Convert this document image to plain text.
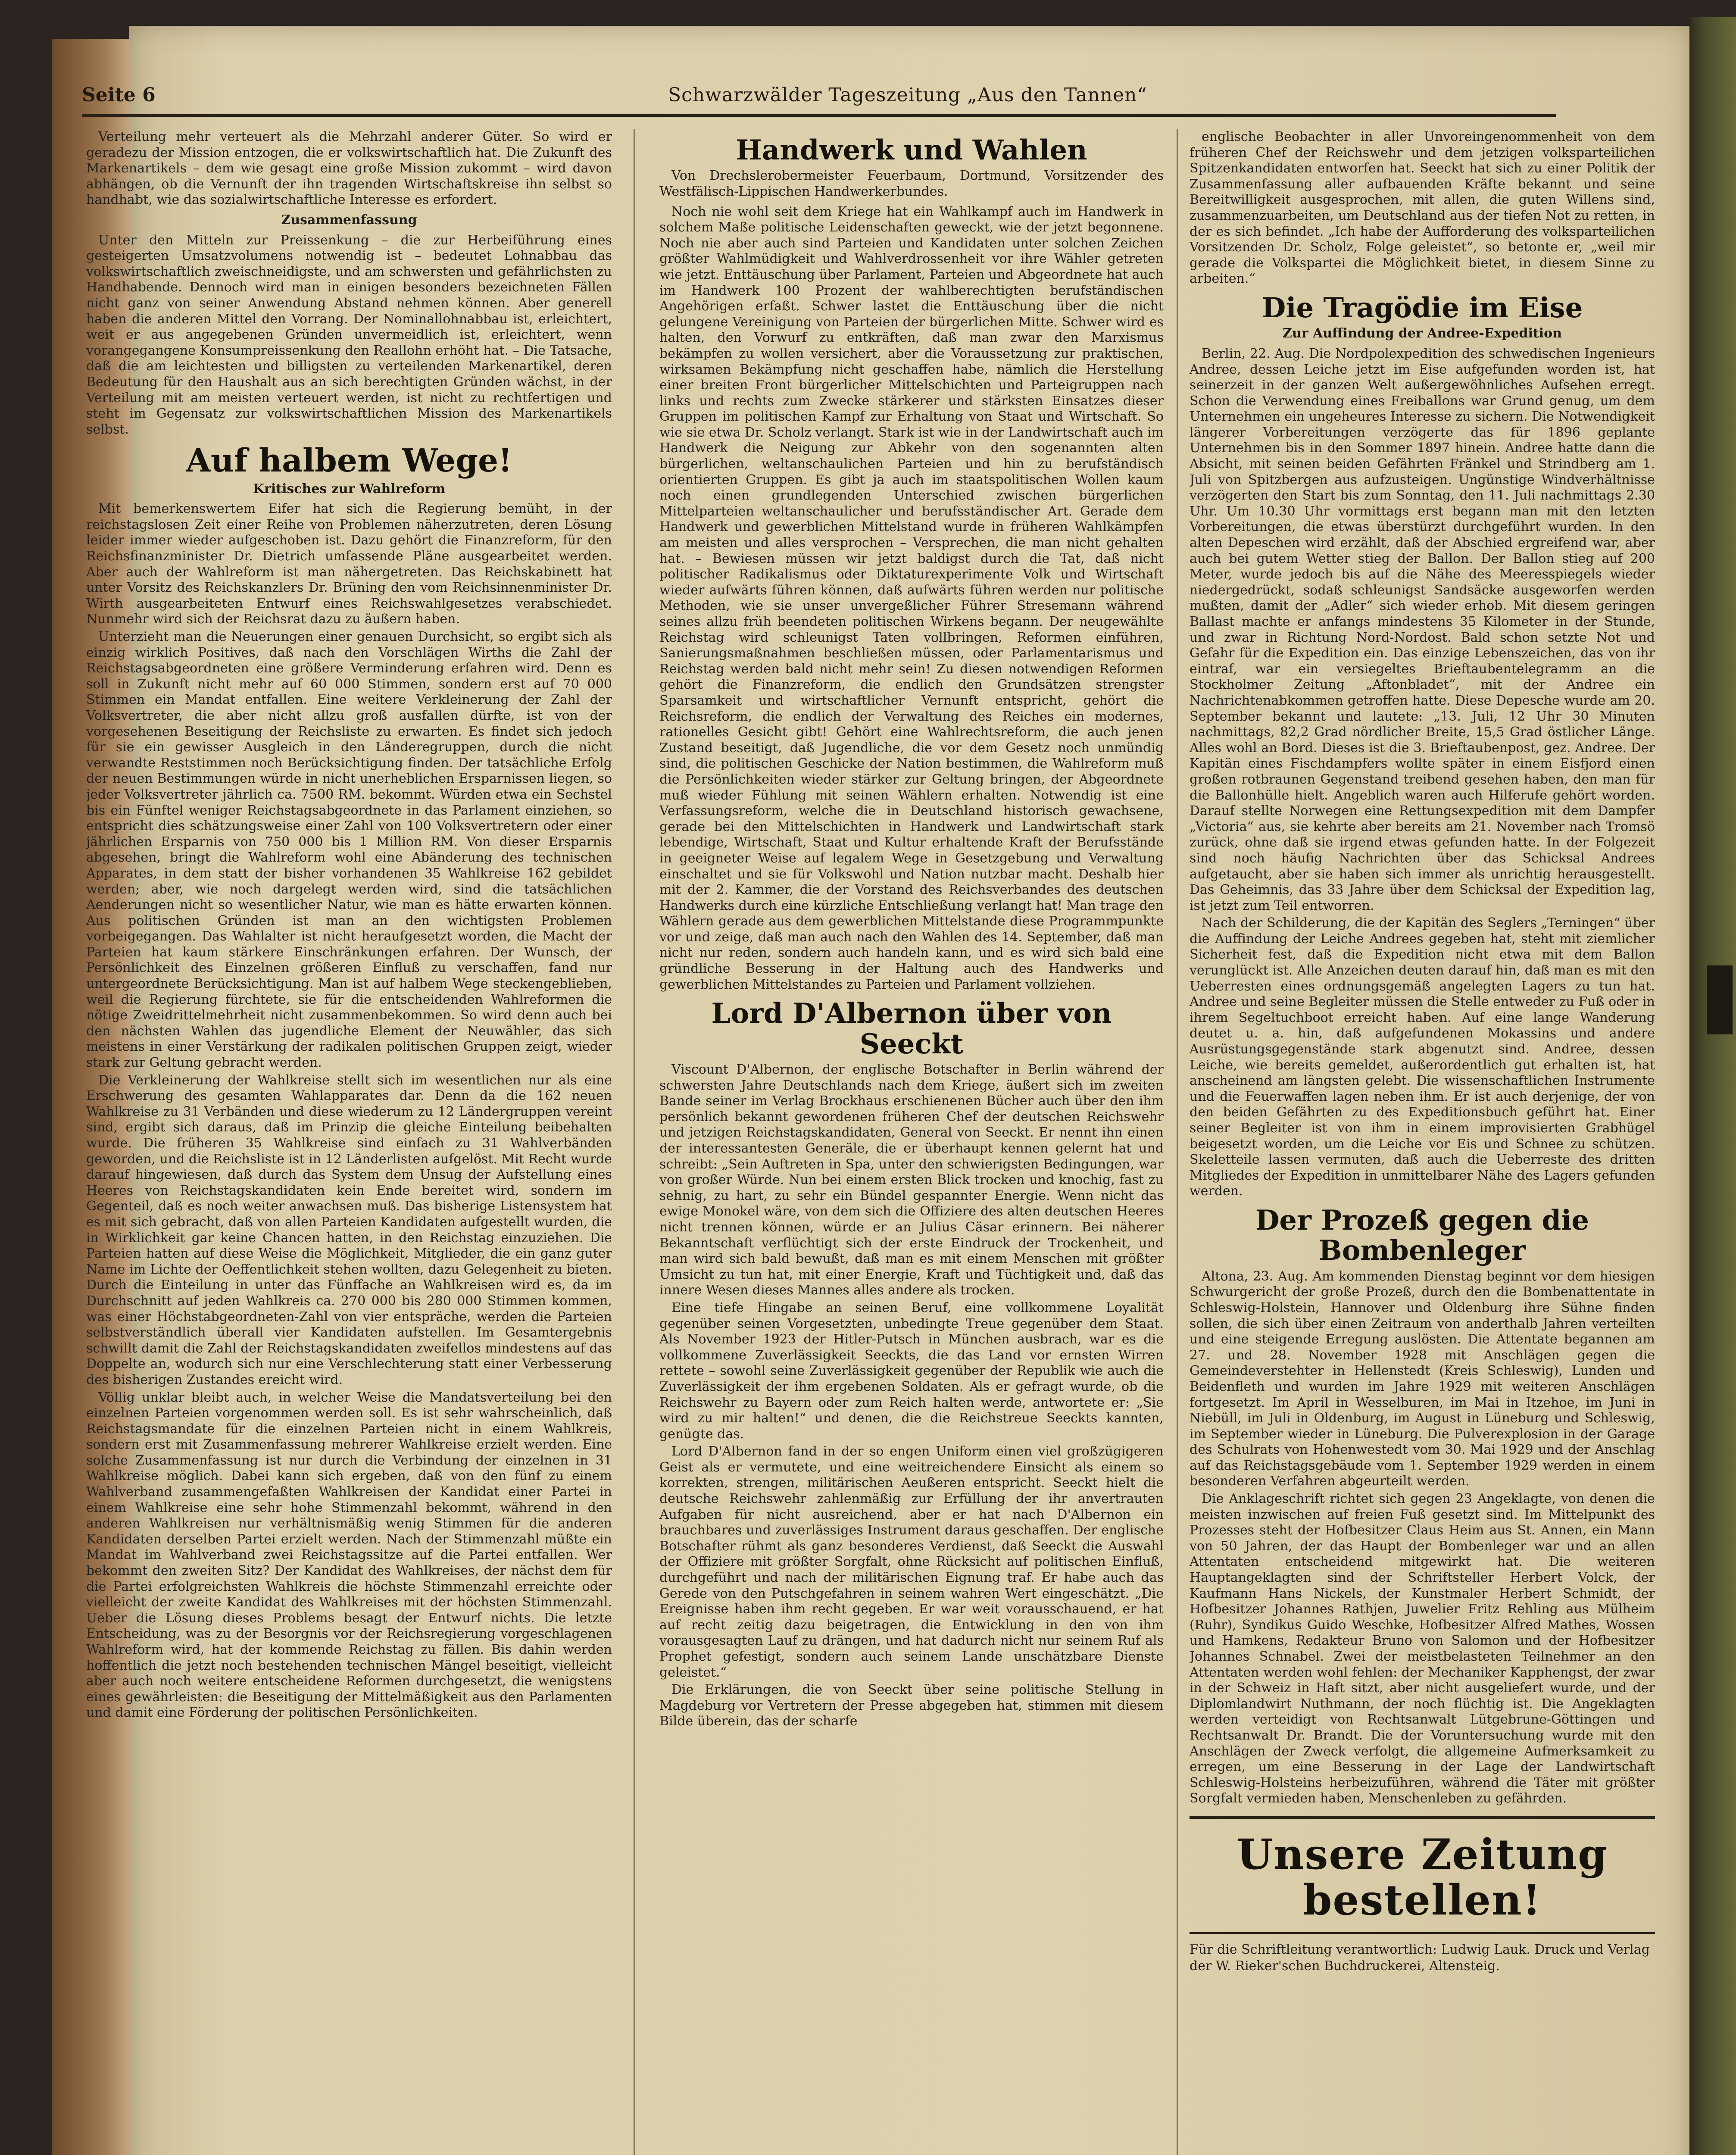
Seite 6	Schwarzwälder Tageszeitung „Aus den Tannen“

Verteilung mehr verteuert als die Mehrzahl anderer Güter. So wird er geradezu der Mission entzogen, die er volkswirtschaftlich hat. Die Zukunft des Markenartikels – dem wie gesagt eine große Mission zukommt – wird davon abhängen, ob die Vernunft der ihn tragenden Wirtschaftskreise ihn selbst so handhabt, wie das sozialwirtschaftliche Interesse es erfordert.

Zusammenfassung

Unter den Mitteln zur Preissenkung – die zur Herbeiführung eines gesteigerten Umsatzvolumens notwendig ist – bedeutet Lohnabbau das volkswirtschaftlich zweischneidigste, und am schwersten und gefährlichsten zu Handhabende. Dennoch wird man in einigen besonders bezeichneten Fällen nicht ganz von seiner Anwendung Abstand nehmen können. Aber generell haben die anderen Mittel den Vorrang. Der Nominallohnabbau ist, erleichtert, weit er aus angegebenen Gründen unvermeidlich ist, erleichtert, wenn vorangegangene Konsumpreissenkung den Reallohn erhöht hat. – Die Tatsache, daß die am leichtesten und billigsten zu verteilenden Markenartikel, deren Bedeutung für den Haushalt aus an sich berechtigten Gründen wächst, in der Verteilung mit am meisten verteuert werden, ist nicht zu rechtfertigen und steht im Gegensatz zur volkswirtschaftlichen Mission des Markenartikels selbst.

Auf halbem Wege!
Kritisches zur Wahlreform

Mit bemerkenswertem Eifer hat sich die Regierung bemüht, in der reichstagslosen Zeit einer Reihe von Problemen näherzutreten, deren Lösung leider immer wieder aufgeschoben ist. Dazu gehört die Finanzreform, für den Reichsfinanzminister Dr. Dietrich umfassende Pläne ausgearbeitet werden. Aber auch der Wahlreform ist man nähergetreten. Das Reichskabinett hat unter Vorsitz des Reichskanzlers Dr. Brüning den vom Reichsinnenminister Dr. Wirth ausgearbeiteten Entwurf eines Reichswahlgesetzes verabschiedet. Nunmehr wird sich der Reichsrat dazu zu äußern haben.

Unterzieht man die Neuerungen einer genauen Durchsicht, so ergibt sich als einzig wirklich Positives, daß nach den Vorschlägen Wirths die Zahl der Reichstagsabgeordneten eine größere Verminderung erfahren wird. Denn es soll in Zukunft nicht mehr auf 60 000 Stimmen, sondern erst auf 70 000 Stimmen ein Mandat entfallen. Eine weitere Verkleinerung der Zahl der Volksvertreter, die aber nicht allzu groß ausfallen dürfte, ist von der vorgesehenen Beseitigung der Reichsliste zu erwarten. Es findet sich jedoch für sie ein gewisser Ausgleich in den Länderegruppen, durch die nicht verwandte Reststimmen noch Berücksichtigung finden. Der tatsächliche Erfolg der neuen Bestimmungen würde in nicht unerheblichen Ersparnissen liegen, so jeder Volksvertreter jährlich ca. 7500 RM. bekommt. Würden etwa ein Sechstel bis ein Fünftel weniger Reichstagsabgeordnete in das Parlament einziehen, so entspricht dies schätzungsweise einer Zahl von 100 Volksvertretern oder einer jährlichen Ersparnis von 750 000 bis 1 Million RM. Von dieser Ersparnis abgesehen, bringt die Wahlreform wohl eine Abänderung des technischen Apparates, in dem statt der bisher vorhandenen 35 Wahlkreise 162 gebildet werden; aber, wie noch dargelegt werden wird, sind die tatsächlichen Aenderungen nicht so wesentlicher Natur, wie man es hätte erwarten können. Aus politischen Gründen ist man an den wichtigsten Problemen vorbeigegangen. Das Wahlalter ist nicht heraufgesetzt worden, die Macht der Parteien hat kaum stärkere Einschränkungen erfahren. Der Wunsch, der Persönlichkeit des Einzelnen größeren Einfluß zu verschaffen, fand nur untergeordnete Berücksichtigung. Man ist auf halbem Wege steckengeblieben, weil die Regierung fürchtete, sie für die entscheidenden Wahlreformen die nötige Zweidrittelmehrheit nicht zusammenbekommen. So wird denn auch bei den nächsten Wahlen das jugendliche Element der Neuwähler, das sich meistens in einer Verstärkung der radikalen politischen Gruppen zeigt, wieder stark zur Geltung gebracht werden.

Die Verkleinerung der Wahlkreise stellt sich im wesentlichen nur als eine Erschwerung des gesamten Wahlapparates dar. Denn da die 162 neuen Wahlkreise zu 31 Verbänden und diese wiederum zu 12 Ländergruppen vereint sind, ergibt sich daraus, daß im Prinzip die gleiche Einteilung beibehalten wurde. Die früheren 35 Wahlkreise sind einfach zu 31 Wahlverbänden geworden, und die Reichsliste ist in 12 Länderlisten aufgelöst. Mit Recht wurde darauf hingewiesen, daß durch das System dem Unsug der Aufstellung eines Heeres von Reichstagskandidaten kein Ende bereitet wird, sondern im Gegenteil, daß es noch weiter anwachsen muß. Das bisherige Listensystem hat es mit sich gebracht, daß von allen Parteien Kandidaten aufgestellt wurden, die in Wirklichkeit gar keine Chancen hatten, in den Reichstag einzuziehen. Die Parteien hatten auf diese Weise die Möglichkeit, Mitglieder, die ein ganz guter Name im Lichte der Oeffentlichkeit stehen wollten, dazu Gelegenheit zu bieten. Durch die Einteilung in unter das Fünffache an Wahlkreisen wird es, da im Durchschnitt auf jeden Wahlkreis ca. 270 000 bis 280 000 Stimmen kommen, was einer Höchstabgeordneten-Zahl von vier entspräche, werden die Parteien selbstverständlich überall vier Kandidaten aufstellen. Im Gesamtergebnis schwillt damit die Zahl der Reichstagskandidaten zweifellos mindestens auf das Doppelte an, wodurch sich nur eine Verschlechterung statt einer Verbesserung des bisherigen Zustandes ereicht wird.

Völlig unklar bleibt auch, in welcher Weise die Mandatsverteilung bei den einzelnen Parteien vorgenommen werden soll. Es ist sehr wahrscheinlich, daß Reichstagsmandate für die einzelnen Parteien nicht in einem Wahlkreis, sondern erst mit Zusammenfassung mehrerer Wahlkreise erzielt werden. Eine solche Zusammenfassung ist nur durch die Verbindung der einzelnen in 31 Wahlkreise möglich. Dabei kann sich ergeben, daß von den fünf zu einem Wahlverband zusammengefaßten Wahlkreisen der Kandidat einer Partei in einem Wahlkreise eine sehr hohe Stimmenzahl bekommt, während in den anderen Wahlkreisen nur verhältnismäßig wenig Stimmen für die anderen Kandidaten derselben Partei erzielt werden. Nach der Stimmenzahl müßte ein Mandat im Wahlverband zwei Reichstagssitze auf die Partei entfallen. Wer bekommt den zweiten Sitz? Der Kandidat des Wahlkreises, der nächst dem für die Partei erfolgreichsten Wahlkreis die höchste Stimmenzahl erreichte oder vielleicht der zweite Kandidat des Wahlkreises mit der höchsten Stimmenzahl. Ueber die Lösung dieses Problems besagt der Entwurf nichts. Die letzte Entscheidung, was zu der Besorgnis vor der Reichsregierung vorgeschlagenen Wahlreform wird, hat der kommende Reichstag zu fällen. Bis dahin werden hoffentlich die jetzt noch bestehenden technischen Mängel beseitigt, vielleicht aber auch noch weitere entscheidene Reformen durchgesetzt, die wenigstens eines gewährleisten: die Beseitigung der Mittelmäßigkeit aus den Parlamenten und damit eine Förderung der politischen Persönlichkeiten.

Handwerk und Wahlen

Von Drechslerobermeister Feuerbaum, Dortmund, Vorsitzender des Westfälisch-Lippischen Handwerkerbundes.

Noch nie wohl seit dem Kriege hat ein Wahlkampf auch im Handwerk in solchem Maße politische Leidenschaften geweckt, wie der jetzt begonnene. Noch nie aber auch sind Parteien und Kandidaten unter solchen Zeichen größter Wahlmüdigkeit und Wahlverdrossenheit vor ihre Wähler getreten wie jetzt. Enttäuschung über Parlament, Parteien und Abgeordnete hat auch im Handwerk 100 Prozent der wahlberechtigten berufständischen Angehörigen erfaßt. Schwer lastet die Enttäuschung über die nicht gelungene Vereinigung von Parteien der bürgerlichen Mitte. Schwer wird es halten, den Vorwurf zu entkräften, daß man zwar den Marxismus bekämpfen zu wollen versichert, aber die Voraussetzung zur praktischen, wirksamen Bekämpfung nicht geschaffen habe, nämlich die Herstellung einer breiten Front bürgerlicher Mittelschichten und Parteigruppen nach links und rechts zum Zwecke stärkerer und stärksten Einsatzes dieser Gruppen im politischen Kampf zur Erhaltung von Staat und Wirtschaft. So wie sie etwa Dr. Scholz verlangt. Stark ist wie in der Landwirtschaft auch im Handwerk die Neigung zur Abkehr von den sogenannten alten bürgerlichen, weltanschaulichen Parteien und hin zu berufständisch orientierten Gruppen. Es gibt ja auch im staatspolitischen Wollen kaum noch einen grundlegenden Unterschied zwischen bürgerlichen Mittelparteien weltanschaulicher und berufsständischer Art. Gerade dem Handwerk und gewerblichen Mittelstand wurde in früheren Wahlkämpfen am meisten und alles versprochen – Versprechen, die man nicht gehalten hat. – Bewiesen müssen wir jetzt baldigst durch die Tat, daß nicht politischer Radikalismus oder Diktaturexperimente Volk und Wirtschaft wieder aufwärts führen können, daß aufwärts führen werden nur politische Methoden, wie sie unser unvergeßlicher Führer Stresemann während seines allzu früh beendeten politischen Wirkens begann. Der neugewählte Reichstag wird schleunigst Taten vollbringen, Reformen einführen, Sanierungsmaßnahmen beschließen müssen, oder Parlamentarismus und Reichstag werden bald nicht mehr sein! Zu diesen notwendigen Reformen gehört die Finanzreform, die endlich den Grundsätzen strengster Sparsamkeit und wirtschaftlicher Vernunft entspricht, gehört die Reichsreform, die endlich der Verwaltung des Reiches ein modernes, rationelles Gesicht gibt! Gehört eine Wahlrechtsreform, die auch jenen Zustand beseitigt, daß Jugendliche, die vor dem Gesetz noch unmündig sind, die politischen Geschicke der Nation bestimmen, die Wahlreform muß die Persönlichkeiten wieder stärker zur Geltung bringen, der Abgeordnete muß wieder Fühlung mit seinen Wählern erhalten. Notwendig ist eine Verfassungsreform, welche die in Deutschland historisch gewachsene, gerade bei den Mittelschichten in Handwerk und Landwirtschaft stark lebendige, Wirtschaft, Staat und Kultur erhaltende Kraft der Berufsstände in geeigneter Weise auf legalem Wege in Gesetzgebung und Verwaltung einschaltet und sie für Volkswohl und Nation nutzbar macht. Deshalb hier mit der 2. Kammer, die der Vorstand des Reichsverbandes des deutschen Handwerks durch eine kürzliche Entschließung verlangt hat! Man trage den Wählern gerade aus dem gewerblichen Mittelstande diese Programmpunkte vor und zeige, daß man auch nach den Wahlen des 14. September, daß man nicht nur reden, sondern auch handeln kann, und es wird sich bald eine gründliche Besserung in der Haltung auch des Handwerks und gewerblichen Mittelstandes zu Parteien und Parlament vollziehen.

Lord D'Albernon über von Seeckt

Viscount D'Albernon, der englische Botschafter in Berlin während der schwersten Jahre Deutschlands nach dem Kriege, äußert sich im zweiten Bande seiner im Verlag Brockhaus erschienenen Bücher auch über den ihm persönlich bekannt gewordenen früheren Chef der deutschen Reichswehr und jetzigen Reichstagskandidaten, General von Seeckt. Er nennt ihn einen der interessantesten Generäle, die er überhaupt kennen gelernt hat und schreibt: „Sein Auftreten in Spa, unter den schwierigsten Bedingungen, war von großer Würde. Nun bei einem ersten Blick trocken und knochig, fast zu sehnig, zu hart, zu sehr ein Bündel gespannter Energie. Wenn nicht das ewige Monokel wäre, von dem sich die Offiziere des alten deutschen Heeres nicht trennen können, würde er an Julius Cäsar erinnern. Bei näherer Bekanntschaft verflüchtigt sich der erste Eindruck der Trockenheit, und man wird sich bald bewußt, daß man es mit einem Menschen mit größter Umsicht zu tun hat, mit einer Energie, Kraft und Tüchtigkeit und, daß das innere Wesen dieses Mannes alles andere als trocken.

Eine tiefe Hingabe an seinen Beruf, eine vollkommene Loyalität gegenüber seinen Vorgesetzten, unbedingte Treue gegenüber dem Staat. Als November 1923 der Hitler-Putsch in München ausbrach, war es die vollkommene Zuverlässigkeit Seeckts, die das Land vor ernsten Wirren rettete – sowohl seine Zuverlässigkeit gegenüber der Republik wie auch die Zuverlässigkeit der ihm ergebenen Soldaten. Als er gefragt wurde, ob die Reichswehr zu Bayern oder zum Reich halten werde, antwortete er: „Sie wird zu mir halten!“ und denen, die die Reichstreue Seeckts kannten, genügte das.

Lord D'Albernon fand in der so engen Uniform einen viel großzügigeren Geist als er vermutete, und eine weitreichendere Einsicht als einem so korrekten, strengen, militärischen Aeußeren entspricht. Seeckt hielt die deutsche Reichswehr zahlenmäßig zur Erfüllung der ihr anvertrauten Aufgaben für nicht ausreichend, aber er hat nach D'Albernon ein brauchbares und zuverlässiges Instrument daraus geschaffen. Der englische Botschafter rühmt als ganz besonderes Verdienst, daß Seeckt die Auswahl der Offiziere mit größter Sorgfalt, ohne Rücksicht auf politischen Einfluß, durchgeführt und nach der militärischen Eignung traf. Er habe auch das Gerede von den Putschgefahren in seinem wahren Wert eingeschätzt. „Die Ereignisse haben ihm recht gegeben. Er war weit vorausschauend, er hat auf recht zeitig dazu beigetragen, die Entwicklung in den von ihm vorausgesagten Lauf zu drängen, und hat dadurch nicht nur seinem Ruf als Prophet gefestigt, sondern auch seinem Lande unschätzbare Dienste geleistet.“

Die Erklärungen, die von Seeckt über seine politische Stellung in Magdeburg vor Vertretern der Presse abgegeben hat, stimmen mit diesem Bilde überein, das der scharfe

englische Beobachter in aller Unvoreingenommenheit von dem früheren Chef der Reichswehr und dem jetzigen volksparteilichen Spitzenkandidaten entworfen hat. Seeckt hat sich zu einer Politik der Zusammenfassung aller aufbauenden Kräfte bekannt und seine Bereitwilligkeit ausgesprochen, mit allen, die guten Willens sind, zusammenzuarbeiten, um Deutschland aus der tiefen Not zu retten, in der es sich befindet. „Ich habe der Aufforderung des volksparteilichen Vorsitzenden Dr. Scholz, Folge geleistet“, so betonte er, „weil mir gerade die Volkspartei die Möglichkeit bietet, in diesem Sinne zu arbeiten.“

Die Tragödie im Eise
Zur Auffindung der Andree-Expedition

Berlin, 22. Aug. Die Nordpolexpedition des schwedischen Ingenieurs Andree, dessen Leiche jetzt im Eise aufgefunden worden ist, hat seinerzeit in der ganzen Welt außergewöhnliches Aufsehen erregt. Schon die Verwendung eines Freiballons war Grund genug, um dem Unternehmen ein ungeheures Interesse zu sichern. Die Notwendigkeit längerer Vorbereitungen verzögerte das für 1896 geplante Unternehmen bis in den Sommer 1897 hinein. Andree hatte dann die Absicht, mit seinen beiden Gefährten Fränkel und Strindberg am 1. Juli von Spitzbergen aus aufzusteigen. Ungünstige Windverhältnisse verzögerten den Start bis zum Sonntag, den 11. Juli nachmittags 2.30 Uhr. Um 10.30 Uhr vormittags erst begann man mit den letzten Vorbereitungen, die etwas überstürzt durchgeführt wurden. In den alten Depeschen wird erzählt, daß der Abschied ergreifend war, aber auch bei gutem Wetter stieg der Ballon. Der Ballon stieg auf 200 Meter, wurde jedoch bis auf die Nähe des Meeresspiegels wieder niedergedrückt, sodaß schleunigst Sandsäcke ausgeworfen werden mußten, damit der „Adler“ sich wieder erhob. Mit diesem geringen Ballast machte er anfangs mindestens 35 Kilometer in der Stunde, und zwar in Richtung Nord-Nordost. Bald schon setzte Not und Gefahr für die Expedition ein. Das einzige Lebenszeichen, das von ihr eintraf, war ein versiegeltes Brieftaubentelegramm an die Stockholmer Zeitung „Aftonbladet“, mit der Andree ein Nachrichtenabkommen getroffen hatte. Diese Depesche wurde am 20. September bekannt und lautete: „13. Juli, 12 Uhr 30 Minuten nachmittags, 82,2 Grad nördlicher Breite, 15,5 Grad östlicher Länge. Alles wohl an Bord. Dieses ist die 3. Brieftaubenpost, gez. Andree. Der Kapitän eines Fischdampfers wollte später in einem Eisfjord einen großen rotbraunen Gegenstand treibend gesehen haben, den man für die Ballonhülle hielt. Angeblich waren auch Hilferufe gehört worden. Darauf stellte Norwegen eine Rettungsexpedition mit dem Dampfer „Victoria“ aus, sie kehrte aber bereits am 21. November nach Tromsö zurück, ohne daß sie irgend etwas gefunden hatte. In der Folgezeit sind noch häufig Nachrichten über das Schicksal Andrees aufgetaucht, aber sie haben sich immer als unrichtig herausgestellt. Das Geheimnis, das 33 Jahre über dem Schicksal der Expedition lag, ist jetzt zum Teil entworren.

Nach der Schilderung, die der Kapitän des Seglers „Terningen“ über die Auffindung der Leiche Andrees gegeben hat, steht mit ziemlicher Sicherheit fest, daß die Expedition nicht etwa mit dem Ballon verunglückt ist. Alle Anzeichen deuten darauf hin, daß man es mit den Ueberresten eines ordnungsgemäß angelegten Lagers zu tun hat. Andree und seine Begleiter müssen die Stelle entweder zu Fuß oder in ihrem Segeltuchboot erreicht haben. Auf eine lange Wanderung deutet u. a. hin, daß aufgefundenen Mokassins und andere Ausrüstungsgegenstände stark abgenutzt sind. Andree, dessen Leiche, wie bereits gemeldet, außerordentlich gut erhalten ist, hat anscheinend am längsten gelebt. Die wissenschaftlichen Instrumente und die Feuerwaffen lagen neben ihm. Er ist auch derjenige, der von den beiden Gefährten zu des Expeditionsbuch geführt hat. Einer seiner Begleiter ist von ihm in einem improvisierten Grabhügel beigesetzt worden, um die Leiche vor Eis und Schnee zu schützen. Skeletteile lassen vermuten, daß auch die Ueberreste des dritten Mitgliedes der Expedition in unmittelbarer Nähe des Lagers gefunden werden.

Der Prozeß gegen die Bombenleger

Altona, 23. Aug. Am kommenden Dienstag beginnt vor dem hiesigen Schwurgericht der große Prozeß, durch den die Bombenattentate in Schleswig-Holstein, Hannover und Oldenburg ihre Sühne finden sollen, die sich über einen Zeitraum von anderthalb Jahren verteilten und eine steigende Erregung auslösten. Die Attentate begannen am 27. und 28. November 1928 mit Anschlägen gegen die Gemeindeverstehter in Hellenstedt (Kreis Schleswig), Lunden und Beidenfleth und wurden im Jahre 1929 mit weiteren Anschlägen fortgesetzt. Im April in Wesselburen, im Mai in Itzehoe, im Juni in Niebüll, im Juli in Oldenburg, im August in Lüneburg und Schleswig, im September wieder in Lüneburg. Die Pulverexplosion in der Garage des Schulrats von Hohenwestedt vom 30. Mai 1929 und der Anschlag auf das Reichstagsgebäude vom 1. September 1929 werden in einem besonderen Verfahren abgeurteilt werden.

Die Anklageschrift richtet sich gegen 23 Angeklagte, von denen die meisten inzwischen auf freien Fuß gesetzt sind. Im Mittelpunkt des Prozesses steht der Hofbesitzer Claus Heim aus St. Annen, ein Mann von 50 Jahren, der das Haupt der Bombenleger war und an allen Attentaten entscheidend mitgewirkt hat. Die weiteren Hauptangeklagten sind der Schriftsteller Herbert Volck, der Kaufmann Hans Nickels, der Kunstmaler Herbert Schmidt, der Hofbesitzer Johannes Rathjen, Juwelier Fritz Rehling aus Mülheim (Ruhr), Syndikus Guido Weschke, Hofbesitzer Alfred Mathes, Wossen und Hamkens, Redakteur Bruno von Salomon und der Hofbesitzer Johannes Schnabel. Zwei der meistbelasteten Teilnehmer an den Attentaten werden wohl fehlen: der Mechaniker Kapphengst, der zwar in der Schweiz in Haft sitzt, aber nicht ausgeliefert wurde, und der Diplomlandwirt Nuthmann, der noch flüchtig ist. Die Angeklagten werden verteidigt von Rechtsanwalt Lütgebrune-Göttingen und Rechtsanwalt Dr. Brandt. Die der Voruntersuchung wurde mit den Anschlägen der Zweck verfolgt, die allgemeine Aufmerksamkeit zu erregen, um eine Besserung in der Lage der Landwirtschaft Schleswig-Holsteins herbeizuführen, während die Täter mit größter Sorgfalt vermieden haben, Menschenleben zu gefährden.

Unsere Zeitung bestellen!

Für die Schriftleitung verantwortlich: Ludwig Lauk. Druck und Verlag der W. Rieker'schen Buchdruckerei, Altensteig.
